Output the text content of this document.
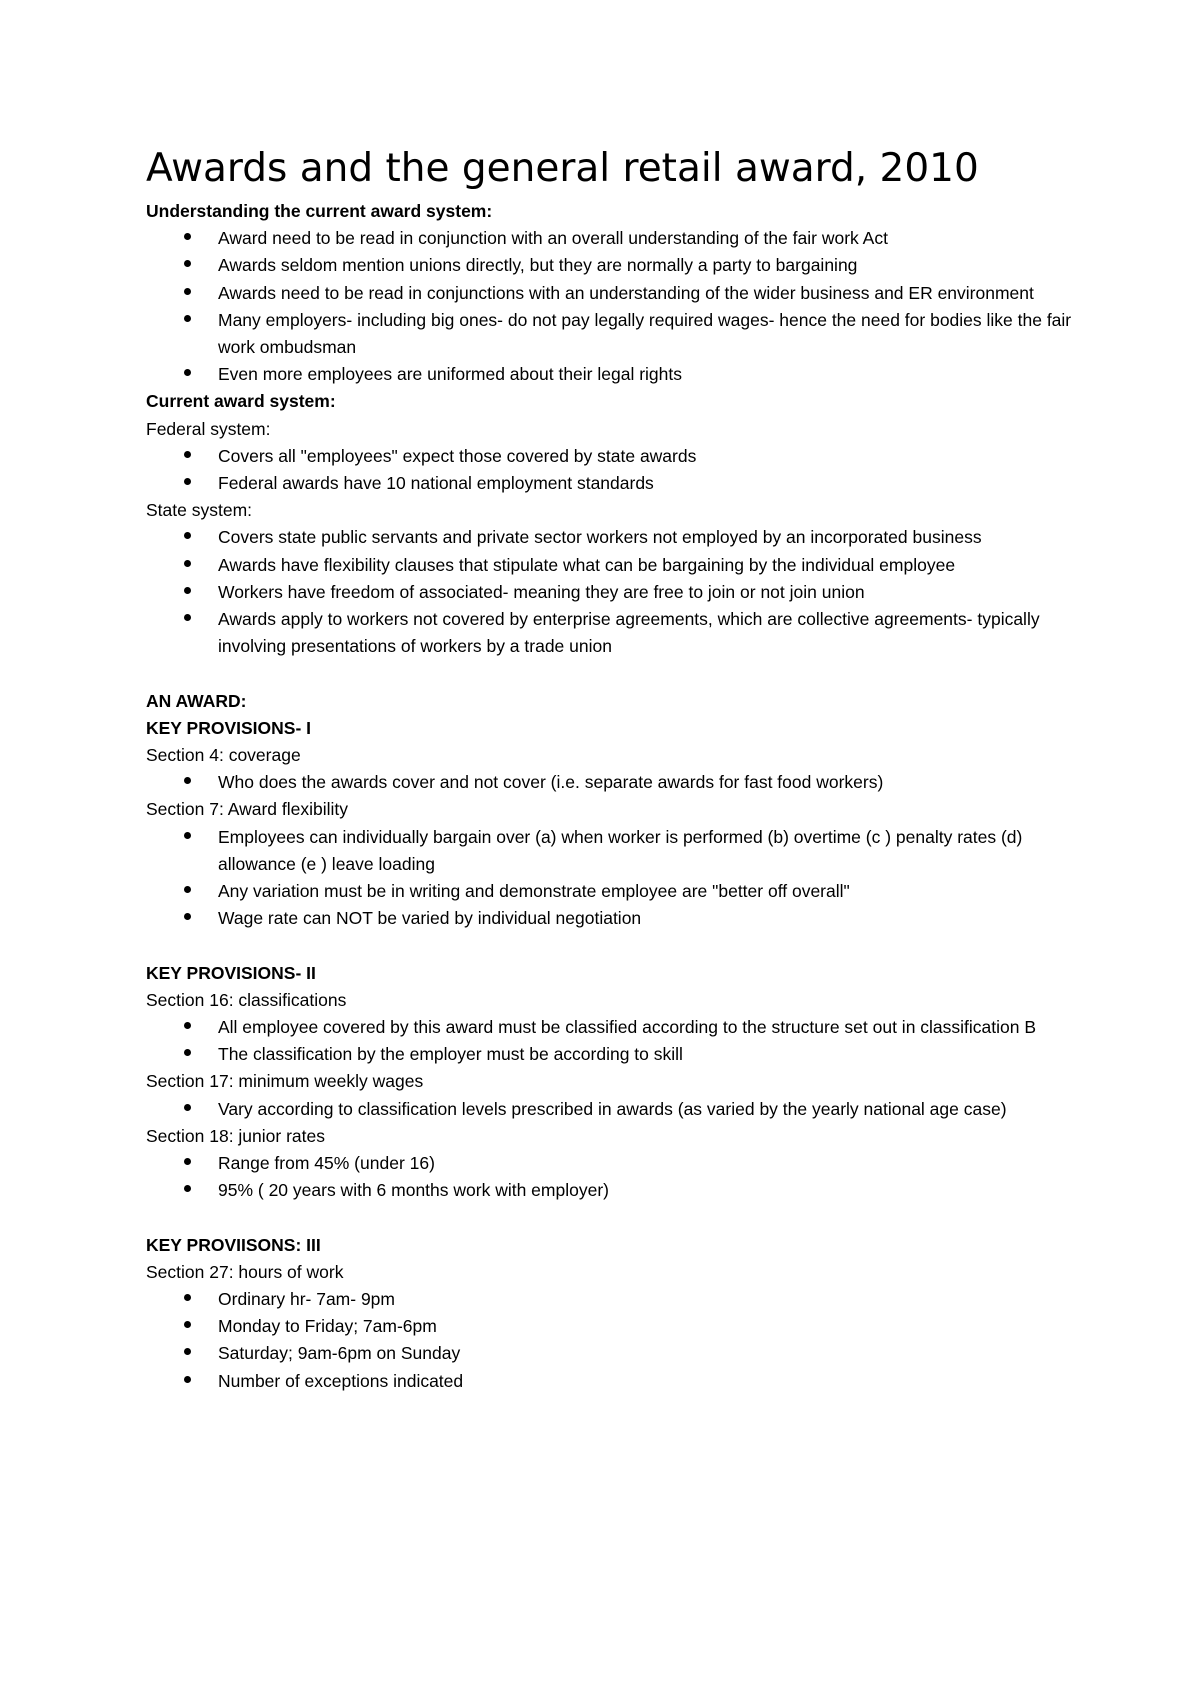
Awards and the general retail award, 2010

Understanding the current award system:

Award need to be read in conjunction with an overall understanding of the fair work Act
Awards seldom mention unions directly, but they are normally a party to bargaining
Awards need to be read in conjunctions with an understanding of the wider business and ER environment
Many employers- including big ones- do not pay legally required wages- hence the need for bodies like the fair work ombudsman
Even more employees are uniformed about their legal rights

Current award system:

Federal system:

Covers all "employees" expect those covered by state awards
Federal awards have 10 national employment standards

State system:

Covers state public servants and private sector workers not employed by an incorporated business
Awards have flexibility clauses that stipulate what can be bargaining by the individual employee
Workers have freedom of associated- meaning they are free to join or not join union
Awards apply to workers not covered by enterprise agreements, which are collective agreements- typically involving presentations of workers by a trade union

AN AWARD:

KEY PROVISIONS- I

Section 4: coverage

Who does the awards cover and not cover (i.e. separate awards for fast food workers)

Section 7: Award flexibility

Employees can individually bargain over (a) when worker is performed (b) overtime (c ) penalty rates (d) allowance (e ) leave loading
Any variation must be in writing and demonstrate employee are "better off overall"
Wage rate can NOT be varied by individual negotiation

KEY PROVISIONS- II

Section 16: classifications

All employee covered by this award must be classified according to the structure set out in classification B
The classification by the employer must be according to skill

Section 17: minimum weekly wages

Vary according to classification levels prescribed in awards (as varied by the yearly national age case)

Section 18: junior rates

Range from 45% (under 16)
95% ( 20 years with 6 months work with employer)

KEY PROVIISONS: III

Section 27: hours of work

Ordinary hr- 7am- 9pm
Monday to Friday; 7am-6pm
Saturday; 9am-6pm on Sunday
Number of exceptions indicated
